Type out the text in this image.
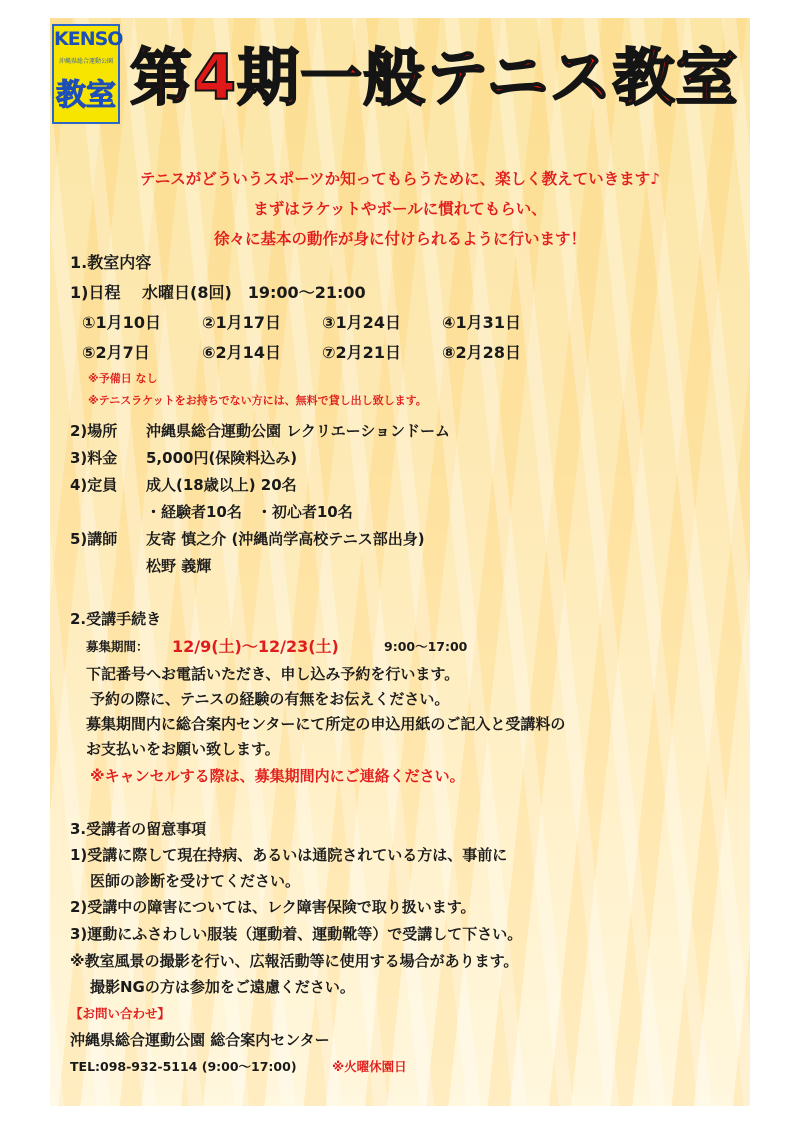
KENSO
沖縄県総合運動公園
教室 第4期一般テニス教室
テニスがどういうスポーツか知ってもらうために、楽しく教えていきます♪
まずはラケットやボールに慣れてもらい、
徐々に基本の動作が身に付けられるように行います！
1.教室内容
1)日程 水曜日(8回)　19:00～21:00
①1月10日	②1月17日	③1月24日	④1月31日
⑤2月7日	⑥2月14日	⑦2月21日	⑧2月28日
※予備日 なし
※テニスラケットをお持ちでない方には、無料で貸し出し致します。
2)場所 沖縄県総合運動公園 レクリエーションドーム
3)料金 5,000円(保険料込み)
4)定員 成人(18歳以上) 20名
・経験者10名　・初心者10名
5)講師 友寄 慎之介 (沖縄尚学高校テニス部出身)
松野 義輝
2.受講手続き
募集期間： 12/9(土)～12/23(土)	9:00～17:00
下記番号へお電話いただき、申し込み予約を行います。
予約の際に、テニスの経験の有無をお伝えください。
募集期間内に総合案内センターにて所定の申込用紙のご記入と受講料の
お支払いをお願い致します。
※キャンセルする際は、募集期間内にご連絡ください。
3.受講者の留意事項
1)受講に際して現在持病、あるいは通院されている方は、事前に
医師の診断を受けてください。
2)受講中の障害については、レク障害保険で取り扱います。
3)運動にふさわしい服装（運動着、運動靴等）で受講して下さい。
※教室風景の撮影を行い、広報活動等に使用する場合があります。
撮影NGの方は参加をご遠慮ください。
【お問い合わせ】
沖縄県総合運動公園 総合案内センター
TEL:098-932-5114 (9:00～17:00)	※火曜休園日
